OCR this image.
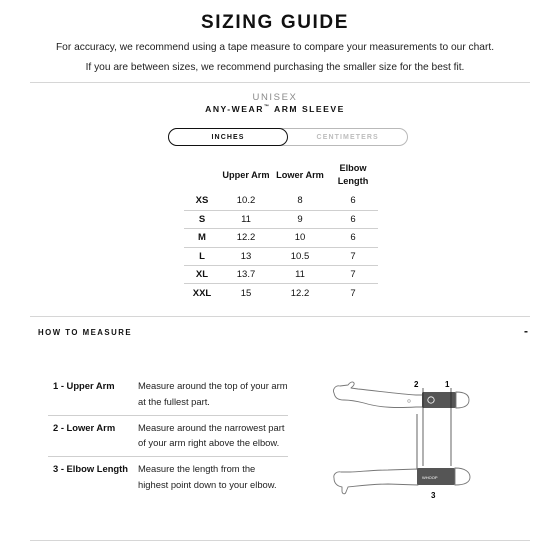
SIZING GUIDE
For accuracy, we recommend using a tape measure to compare your measurements to our chart.
If you are between sizes, we recommend purchasing the smaller size for the best fit.
UNISEX
ANY-WEAR™ ARM SLEEVE
INCHES	CENTIMETERS
	Upper Arm	Lower Arm	Elbow Length
XS	10.2	8	6
S	11	9	6
M	12.2	10	6
L	13	10.5	7
XL	13.7	11	7
XXL	15	12.2	7
HOW TO MEASURE	-
1 - Upper Arm	Measure around the top of your arm at the fullest part.
2 - Lower Arm	Measure around the narrowest part of your arm right above the elbow.
3 - Elbow Length	Measure the length from the highest point down to your elbow.
2	1
WHOOP
3
